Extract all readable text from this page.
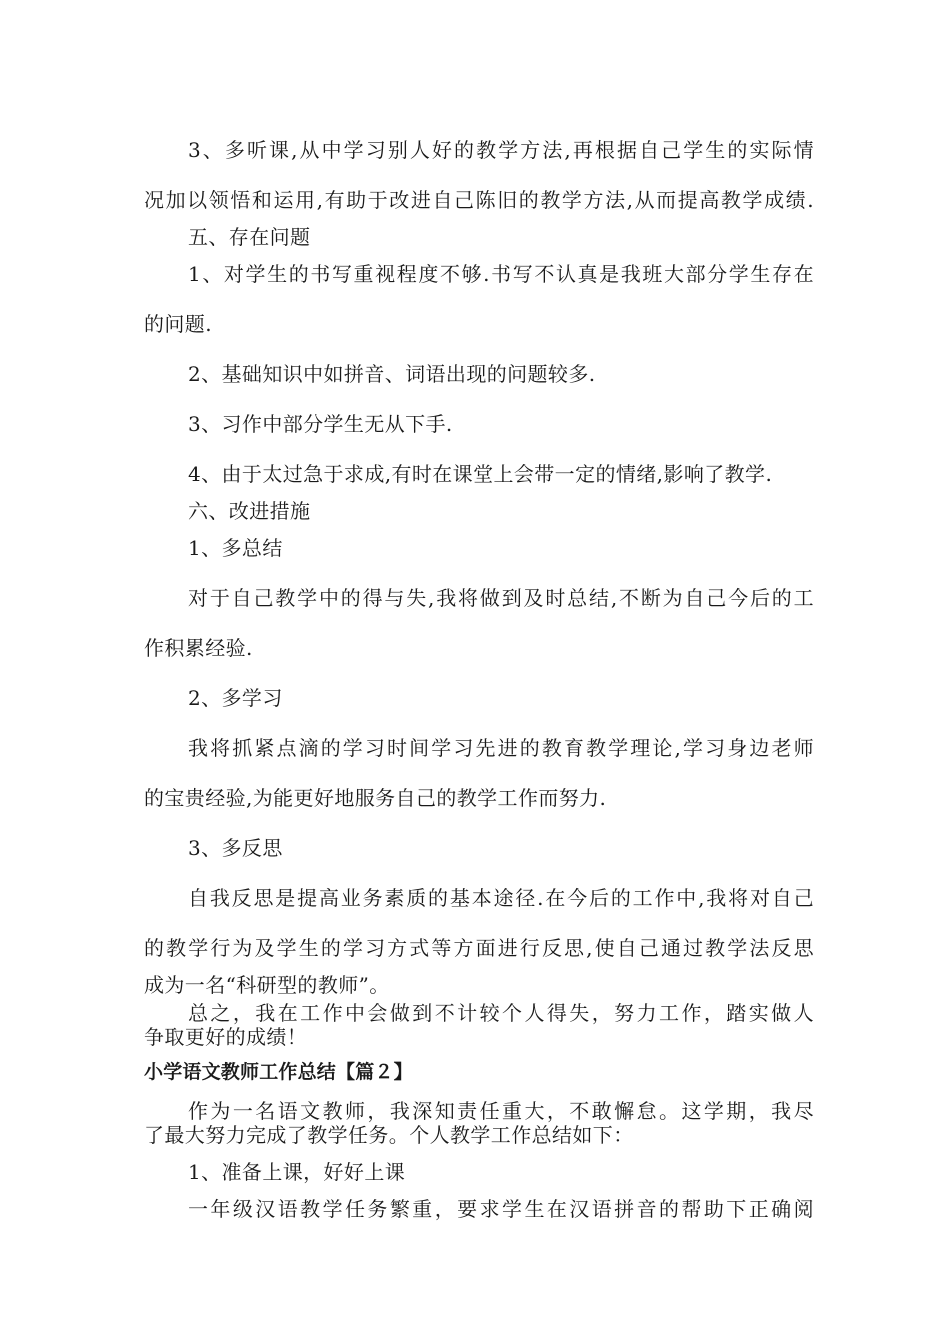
3、多听课,从中学习别人好的教学方法,再根据自己学生的实际情

况加以领悟和运用,有助于改进自己陈旧的教学方法,从而提高教学成绩.

五、存在问题

1、对学生的书写重视程度不够.书写不认真是我班大部分学生存在

的问题.

2、基础知识中如拼音、词语出现的问题较多.

3、习作中部分学生无从下手.

4、由于太过急于求成,有时在课堂上会带一定的情绪,影响了教学.

六、改进措施

1、多总结

对于自己教学中的得与失,我将做到及时总结,不断为自己今后的工

作积累经验.

2、多学习

我将抓紧点滴的学习时间学习先进的教育教学理论,学习身边老师

的宝贵经验,为能更好地服务自己的教学工作而努力.

3、多反思

自我反思是提高业务素质的基本途径.在今后的工作中,我将对自己

的教学行为及学生的学习方式等方面进行反思,使自己通过教学法反思

成为一名“科研型的教师”。

总之，我在工作中会做到不计较个人得失，努力工作，踏实做人

争取更好的成绩！

小学语文教师工作总结【篇２】

作为一名语文教师，我深知责任重大，不敢懈怠。这学期，我尽

了最大努力完成了教学任务。个人教学工作总结如下：

1、准备上课，好好上课

一年级汉语教学任务繁重，要求学生在汉语拼音的帮助下正确阅
